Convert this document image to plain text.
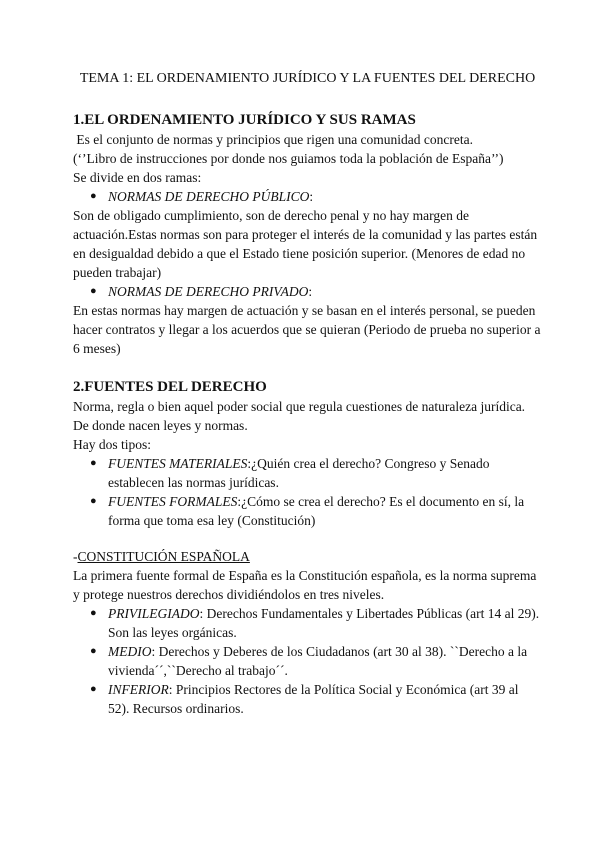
TEMA 1: EL ORDENAMIENTO JURÍDICO Y LA FUENTES DEL DERECHO
1.EL ORDENAMIENTO JURÍDICO Y SUS RAMAS

Es el conjunto de normas y principios que rigen una comunidad concreta.

(‘’Libro de instrucciones por donde nos guiamos toda la población de España’’)

Se divide en dos ramas:

● NORMAS DE DERECHO PÚBLICO:

Son de obligado cumplimiento, son de derecho penal y no hay margen de actuación.Estas normas son para proteger el interés de la comunidad y las partes están en desigualdad debido a que el Estado tiene posición superior. (Menores de edad no pueden trabajar)

● NORMAS DE DERECHO PRIVADO:

En estas normas hay margen de actuación y se basan en el interés personal, se pueden hacer contratos y llegar a los acuerdos que se quieran (Periodo de prueba no superior a 6 meses)

2.FUENTES DEL DERECHO

Norma, regla o bien aquel poder social que regula cuestiones de naturaleza jurídica. De donde nacen leyes y normas.

Hay dos tipos:

● FUENTES MATERIALES:¿Quién crea el derecho? Congreso y Senado establecen las normas jurídicas.
● FUENTES FORMALES:¿Cómo se crea el derecho? Es el documento en sí, la forma que toma esa ley (Constitución)

-CONSTITUCIÓN ESPAÑOLA

La primera fuente formal de España es la Constitución española, es la norma suprema y protege nuestros derechos dividiéndolos en tres niveles.

● PRIVILEGIADO: Derechos Fundamentales y Libertades Públicas (art 14 al 29). Son las leyes orgánicas.
● MEDIO: Derechos y Deberes de los Ciudadanos (art 30 al 38). ``Derecho a la vivienda´´,``Derecho al trabajo´´.
● INFERIOR: Principios Rectores de la Política Social y Económica (art 39 al 52). Recursos ordinarios.
